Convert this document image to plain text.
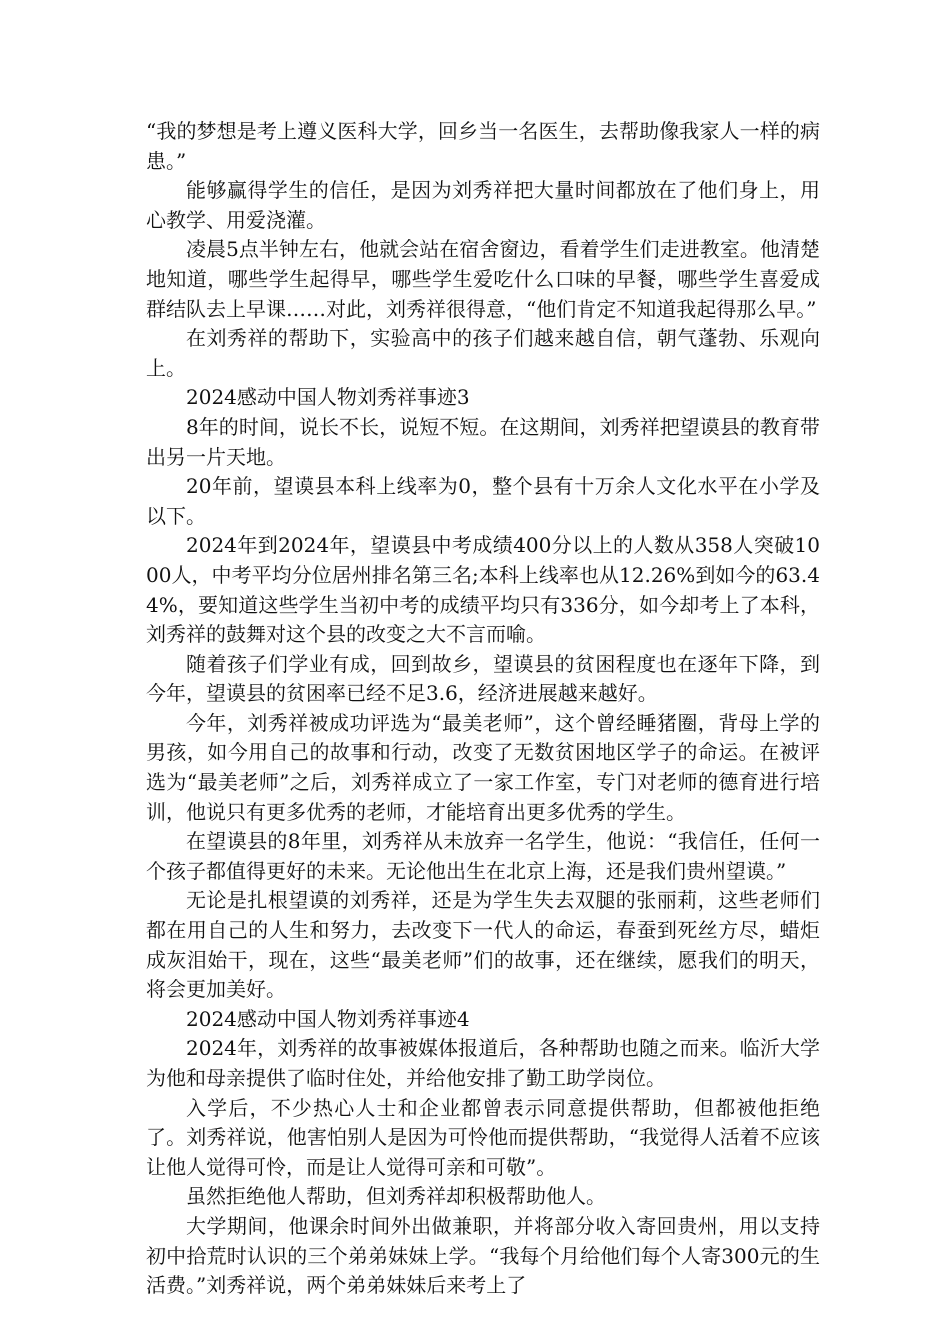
“我的梦想是考上遵义医科大学，回乡当一名医生，去帮助像我家人一样的病患。”

能够赢得学生的信任，是因为刘秀祥把大量时间都放在了他们身上，用心教学、用爱浇灌。

凌晨5点半钟左右，他就会站在宿舍窗边，看着学生们走进教室。他清楚地知道，哪些学生起得早，哪些学生爱吃什么口味的早餐，哪些学生喜爱成群结队去上早课……对此，刘秀祥很得意，“他们肯定不知道我起得那么早。”

在刘秀祥的帮助下，实验高中的孩子们越来越自信，朝气蓬勃、乐观向上。

2024感动中国人物刘秀祥事迹3

8年的时间，说长不长，说短不短。在这期间，刘秀祥把望谟县的教育带出另一片天地。

20年前，望谟县本科上线率为0，整个县有十万余人文化水平在小学及以下。

2024年到2024年，望谟县中考成绩400分以上的人数从358人突破1000人，中考平均分位居州排名第三名;本科上线率也从12.26%到如今的63.44%，要知道这些学生当初中考的成绩平均只有336分，如今却考上了本科，刘秀祥的鼓舞对这个县的改变之大不言而喻。

随着孩子们学业有成，回到故乡，望谟县的贫困程度也在逐年下降，到今年，望谟县的贫困率已经不足3.6，经济进展越来越好。

今年，刘秀祥被成功评选为“最美老师”，这个曾经睡猪圈，背母上学的男孩，如今用自己的故事和行动，改变了无数贫困地区学子的命运。在被评选为“最美老师”之后，刘秀祥成立了一家工作室，专门对老师的德育进行培训，他说只有更多优秀的老师，才能培育出更多优秀的学生。

在望谟县的8年里，刘秀祥从未放弃一名学生，他说：“我信任，任何一个孩子都值得更好的未来。无论他出生在北京上海，还是我们贵州望谟。”

无论是扎根望谟的刘秀祥，还是为学生失去双腿的张丽莉，这些老师们都在用自己的人生和努力，去改变下一代人的命运，春蚕到死丝方尽，蜡炬成灰泪始干，现在，这些“最美老师”们的故事，还在继续，愿我们的明天，将会更加美好。

2024感动中国人物刘秀祥事迹4

2024年，刘秀祥的故事被媒体报道后，各种帮助也随之而来。临沂大学为他和母亲提供了临时住处，并给他安排了勤工助学岗位。

入学后，不少热心人士和企业都曾表示同意提供帮助，但都被他拒绝了。刘秀祥说，他害怕别人是因为可怜他而提供帮助，“我觉得人活着不应该让他人觉得可怜，而是让人觉得可亲和可敬”。

虽然拒绝他人帮助，但刘秀祥却积极帮助他人。

大学期间，他课余时间外出做兼职，并将部分收入寄回贵州，用以支持初中拾荒时认识的三个弟弟妹妹上学。“我每个月给他们每个人寄300元的生活费。”刘秀祥说，两个弟弟妹妹后来考上了
